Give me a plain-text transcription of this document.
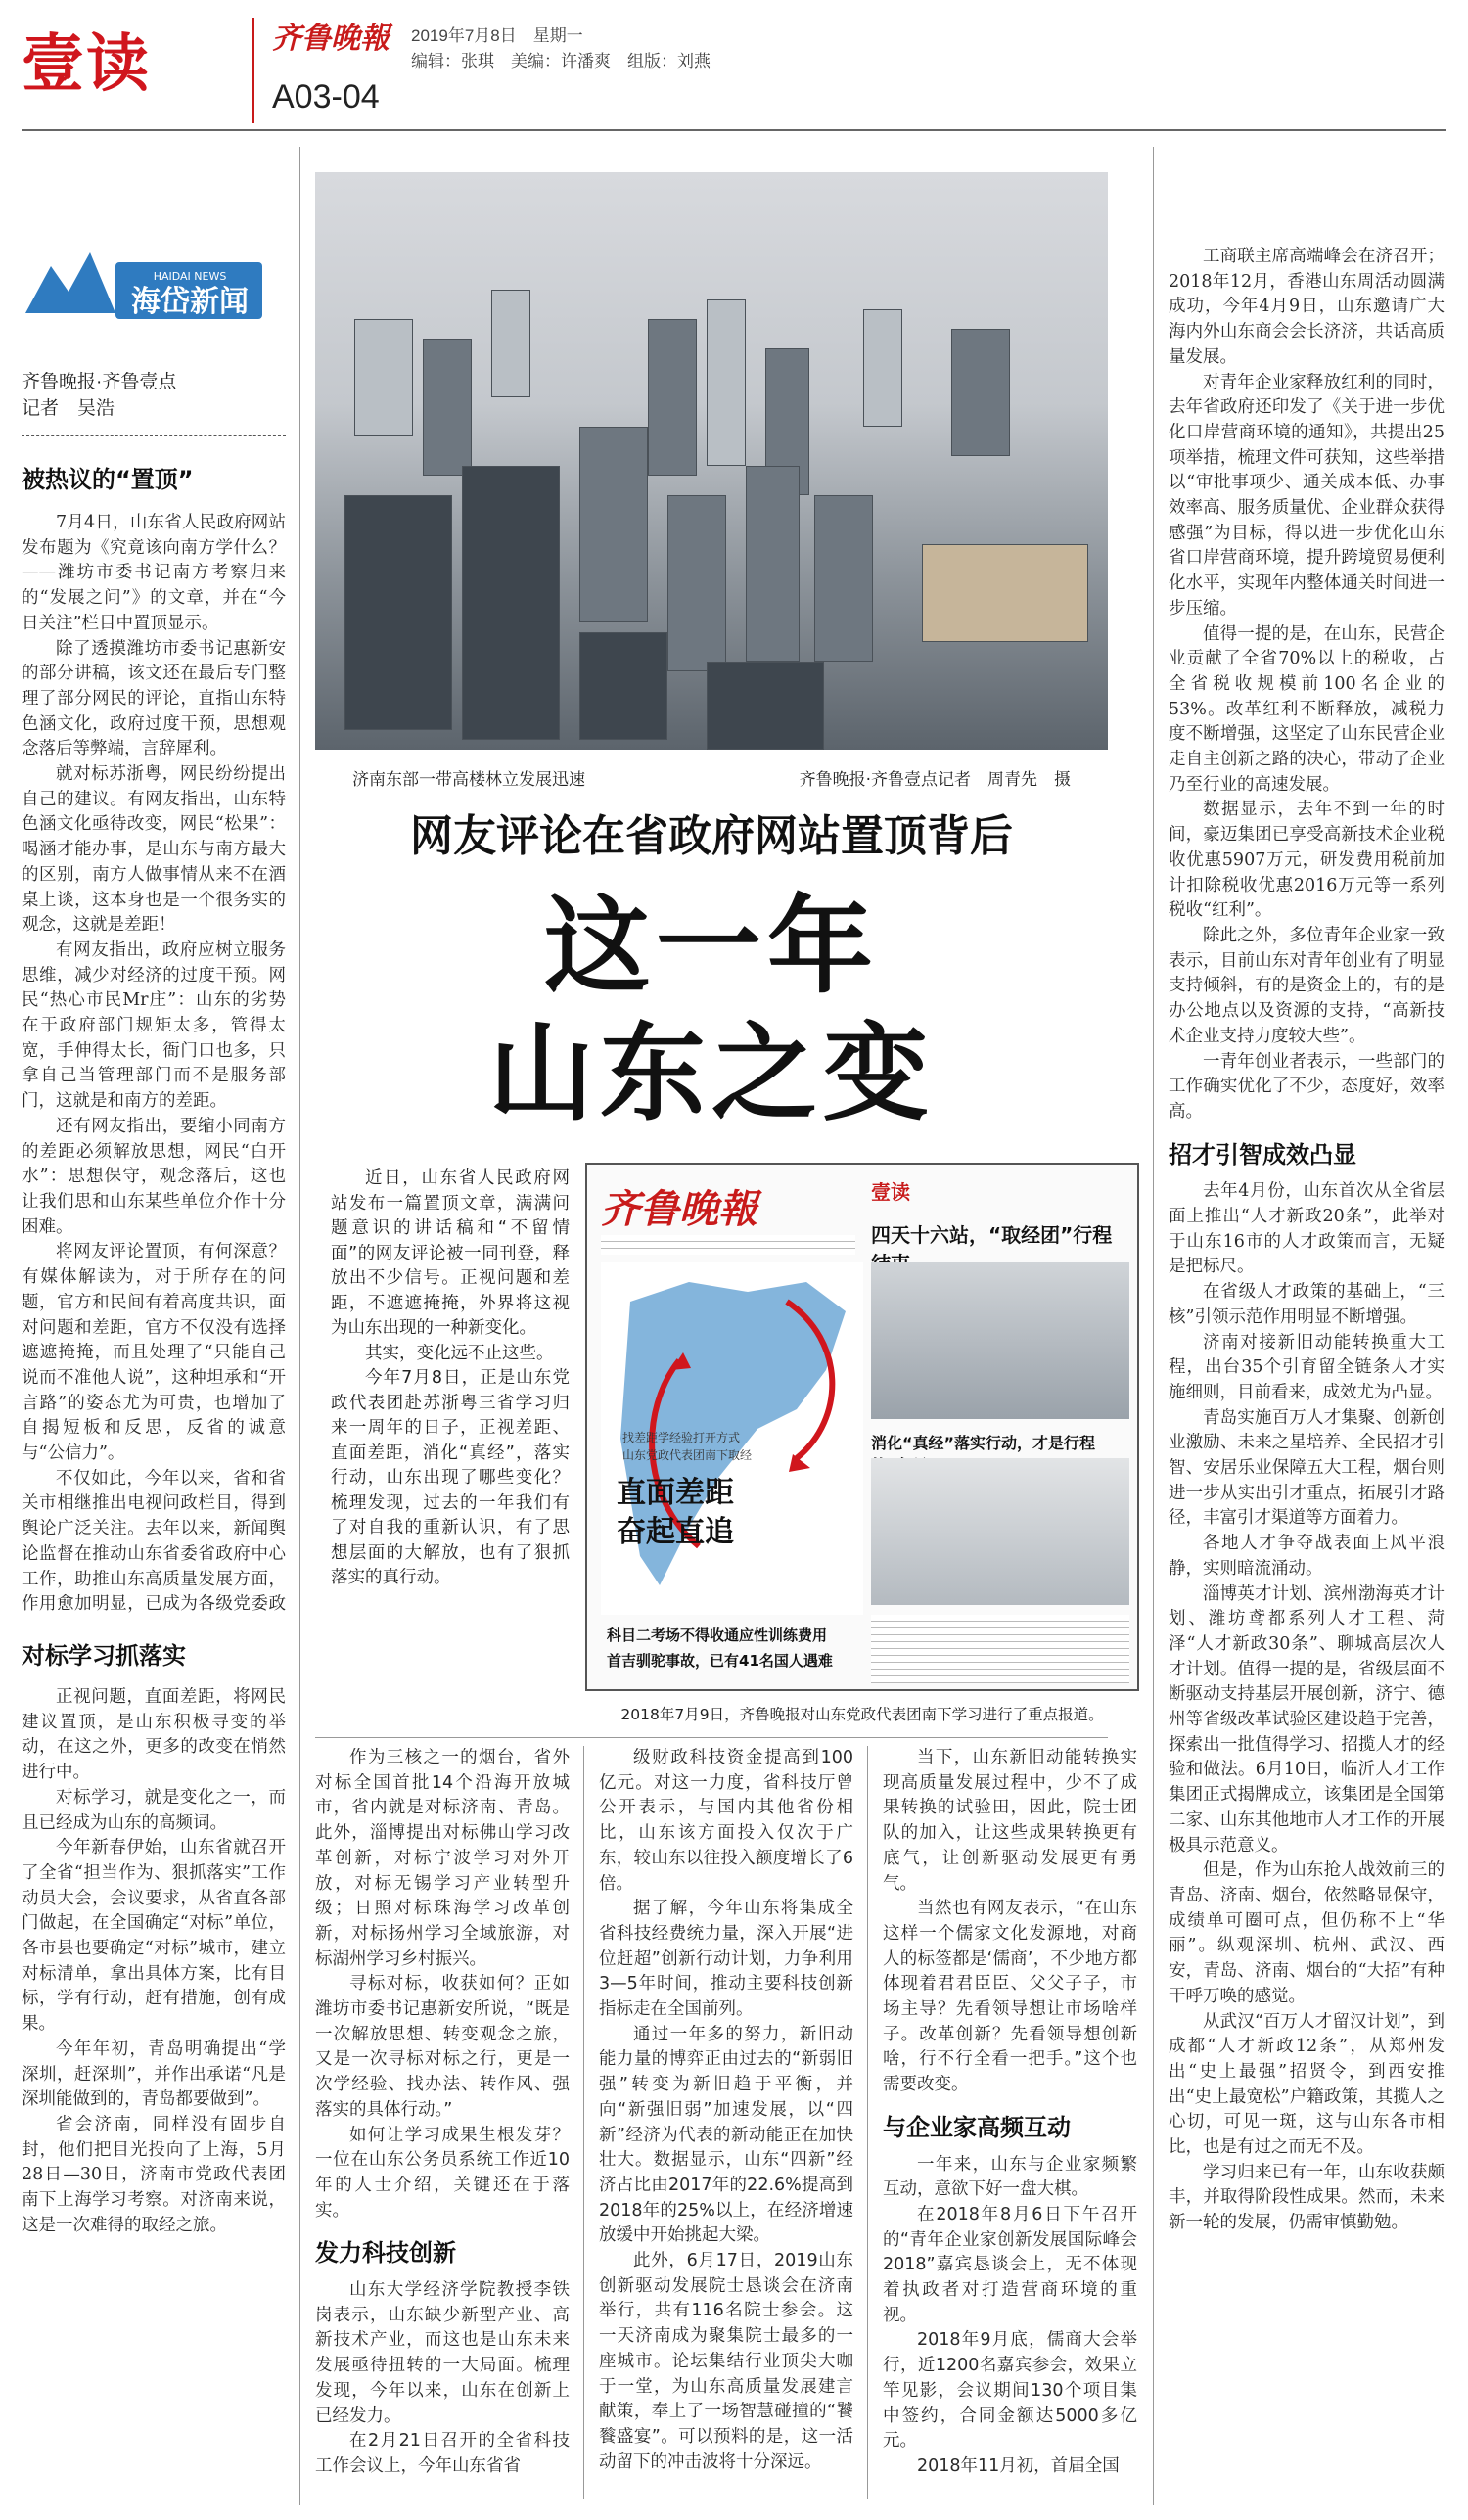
壹读	A03-04
齐鲁晚報 2019年7月8日　星期一
编辑：张琪　美编：许潘爽　组版：刘燕
HAIDAI NEWS
海岱新闻
齐鲁晚报·齐鲁壹点
记者　吴浩
被热议的“置顶”

7月4日，山东省人民政府网站发布题为《究竟该向南方学什么？——潍坊市委书记南方考察归来的“发展之问”》的文章，并在“今日关注”栏目中置顶显示。

除了透摸潍坊市委书记惠新安的部分讲稿，该文还在最后专门整理了部分网民的评论，直指山东特色涵文化，政府过度干预，思想观念落后等弊端，言辞犀利。

就对标苏浙粤，网民纷纷提出自己的建议。有网友指出，山东特色涵文化亟待改变，网民“松果”：喝涵才能办事，是山东与南方最大的区别，南方人做事情从来不在酒桌上谈，这本身也是一个很务实的观念，这就是差距！

有网友指出，政府应树立服务思维，减少对经济的过度干预。网民“热心市民Mr庄”：山东的劣势在于政府部门规矩太多，管得太宽，手伸得太长，衙门口也多，只拿自己当管理部门而不是服务部门，这就是和南方的差距。

还有网友指出，要缩小同南方的差距必须解放思想，网民“白开水”：思想保守，观念落后，这也让我们思和山东某些单位介作十分困难。

将网友评论置顶，有何深意？有媒体解读为，对于所存在的问题，官方和民间有着高度共识，面对问题和差距，官方不仅没有选择遮遮掩掩，而且处理了“只能自己说而不准他人说”，这种坦承和“开言路”的姿态尤为可贵，也增加了自揭短板和反思，反省的诚意与“公信力”。

不仅如此，今年以来，省和省关市相继推出电视问政栏目，得到舆论广泛关注。去年以来，新闻舆论监督在推动山东省委省政府中心工作，助推山东高质量发展方面，作用愈加明显，已成为各级党委政

对标学习抓落实

正视问题，直面差距，将网民建议置顶，是山东积极寻变的举动，在这之外，更多的改变在悄然进行中。

对标学习，就是变化之一，而且已经成为山东的高频词。

今年新春伊始，山东省就召开了全省“担当作为、狠抓落实”工作动员大会，会议要求，从省直各部门做起，在全国确定“对标”单位，各市县也要确定“对标”城市，建立对标清单，拿出具体方案，比有目标，学有行动，赶有措施，创有成果。

今年年初，青岛明确提出“学深圳，赶深圳”，并作出承诺“凡是深圳能做到的，青岛都要做到”。

省会济南，同样没有固步自封，他们把目光投向了上海，5月28日—30日，济南市党政代表团南下上海学习考察。对济南来说，这是一次难得的取经之旅。

济南东部一带高楼林立发展迅速	齐鲁晚报·齐鲁壹点记者　周青先　摄
网友评论在省政府网站置顶背后
这一年
山东之变

近日，山东省人民政府网站发布一篇置顶文章，满满问题意识的讲话稿和“不留情面”的网友评论被一同刊登，释放出不少信号。正视问题和差距，不遮遮掩掩，外界将这视为山东出现的一种新变化。

其实，变化远不止这些。

今年7月8日，正是山东党政代表团赴苏浙粤三省学习归来一周年的日子，正视差距、直面差距，消化“真经”，落实行动，山东出现了哪些变化？梳理发现，过去的一年我们有了对自我的重新认识，有了思想层面的大解放，也有了狠抓落实的真行动。

齐鲁晚報	壹读
四天十六站，“取经团”行程
消化“真经”落实行动，才是行程
找差距学经验打开方式
山东党政代表团南下取经
直面差距
奋起直追
科目二考场不得收通应性训练费用
首吉驯驼事故，已有41名国人遇难
2018年7月9日，齐鲁晚报对山东党政代表团南下学习进行了重点报道。

作为三核之一的烟台，省外对标全国首批14个沿海开放城市，省内就是对标济南、青岛。此外，淄博提出对标佛山学习改革创新，对标宁波学习对外开放，对标无锡学习产业转型升级；日照对标珠海学习改革创新，对标扬州学习全域旅游，对标湖州学习乡村振兴。

寻标对标，收获如何？正如潍坊市委书记惠新安所说，“既是一次解放思想、转变观念之旅，又是一次寻标对标之行，更是一次学经验、找办法、转作风、强落实的具体行动。”

如何让学习成果生根发芽？一位在山东公务员系统工作近10年的人士介绍，关键还在于落实。

发力科技创新

山东大学经济学院教授李铁岗表示，山东缺少新型产业、高新技术产业，而这也是山东未来发展亟待扭转的一大局面。梳理发现，今年以来，山东在创新上已经发力。

在2月21日召开的全省科技工作会议上，今年山东省省

级财政科技资金提高到100亿元。对这一力度，省科技厅曾公开表示，与国内其他省份相比，山东该方面投入仅次于广东，较山东以往投入额度增长了6倍。

据了解，今年山东将集成全省科技经费统力量，深入开展“进位赶超”创新行动计划，力争利用3—5年时间，推动主要科技创新指标走在全国前列。

通过一年多的努力，新旧动能力量的博弈正由过去的“新弱旧强”转变为新旧趋于平衡，并向“新强旧弱”加速发展，以“四新”经济为代表的新动能正在加快壮大。数据显示，山东“四新”经济占比由2017年的22.6%提高到2018年的25%以上，在经济增速放缓中开始挑起大梁。

此外，6月17日，2019山东创新驱动发展院士恳谈会在济南举行，共有116名院士参会。这一天济南成为聚集院士最多的一座城市。论坛集结行业顶尖大咖于一堂，为山东高质量发展建言献策，奉上了一场智慧碰撞的“饕餮盛宴”。可以预料的是，这一活动留下的冲击波将十分深远。

当下，山东新旧动能转换实现高质量发展过程中，少不了成果转换的试验田，因此，院士团队的加入，让这些成果转换更有底气，让创新驱动发展更有勇气。

当然也有网友表示，“在山东这样一个儒家文化发源地，对商人的标签都是‘儒商’，不少地方都体现着君君臣臣、父父子子，市场主导？先看领导想让市场啥样子。改革创新？先看领导想创新啥，行不行全看一把手。”这个也需要改变。

与企业家高频互动

一年来，山东与企业家频繁互动，意欲下好一盘大棋。

在2018年8月6日下午召开的“青年企业家创新发展国际峰会2018”嘉宾恳谈会上，无不体现着执政者对打造营商环境的重视。

2018年9月底，儒商大会举行，近1200名嘉宾参会，效果立竿见影，会议期间130个项目集中签约，合同金额达5000多亿元。

2018年11月初，首届全国

工商联主席高端峰会在济召开；2018年12月，香港山东周活动圆满成功，今年4月9日，山东邀请广大海内外山东商会会长济济，共话高质量发展。

对青年企业家释放红利的同时，去年省政府还印发了《关于进一步优化口岸营商环境的通知》，共提出25项举措，梳理文件可获知，这些举措以“审批事项少、通关成本低、办事效率高、服务质量优、企业群众获得感强”为目标，得以进一步优化山东省口岸营商环境，提升跨境贸易便利化水平，实现年内整体通关时间进一步压缩。

值得一提的是，在山东，民营企业贡献了全省70%以上的税收，占全省税收规模前100名企业的53%。改革红利不断释放，减税力度不断增强，这坚定了山东民营企业走自主创新之路的决心，带动了企业乃至行业的高速发展。

数据显示，去年不到一年的时间，豪迈集团已享受高新技术企业税收优惠5907万元，研发费用税前加计扣除税收优惠2016万元等一系列税收“红利”。

除此之外，多位青年企业家一致表示，目前山东对青年创业有了明显支持倾斜，有的是资金上的，有的是办公地点以及资源的支持，“高新技术企业支持力度较大些”。

一青年创业者表示，一些部门的工作确实优化了不少，态度好，效率高。

招才引智成效凸显

去年4月份，山东首次从全省层面上推出“人才新政20条”，此举对于山东16市的人才政策而言，无疑是把标尺。

在省级人才政策的基础上，“三核”引领示范作用明显不断增强。

济南对接新旧动能转换重大工程，出台35个引育留全链条人才实施细则，目前看来，成效尤为凸显。

青岛实施百万人才集聚、创新创业激励、未来之星培养、全民招才引智、安居乐业保障五大工程，烟台则进一步从实出引才重点，拓展引才路径，丰富引才渠道等方面着力。

各地人才争夺战表面上风平浪静，实则暗流涌动。

淄博英才计划、滨州渤海英才计划、潍坊鸢都系列人才工程、菏泽“人才新政30条”、聊城高层次人才计划。值得一提的是，省级层面不断驱动支持基层开展创新，济宁、德州等省级改革试验区建设趋于完善，探索出一批值得学习、招揽人才的经验和做法。6月10日，临沂人才工作集团正式揭牌成立，该集团是全国第二家、山东其他地市人才工作的开展极具示范意义。

但是，作为山东抢人战效前三的青岛、济南、烟台，依然略显保守，成绩单可圈可点，但仍称不上“华丽”。纵观深圳、杭州、武汉、西安，青岛、济南、烟台的“大招”有种干呼万唤的感觉。

从武汉“百万人才留汉计划”，到成都“人才新政12条”，从郑州发出“史上最强”招贤令，到西安推出“史上最宽松”户籍政策，其揽人之心切，可见一斑，这与山东各市相比，也是有过之而无不及。

学习归来已有一年，山东收获颇丰，并取得阶段性成果。然而，未来新一轮的发展，仍需审慎勤勉。
